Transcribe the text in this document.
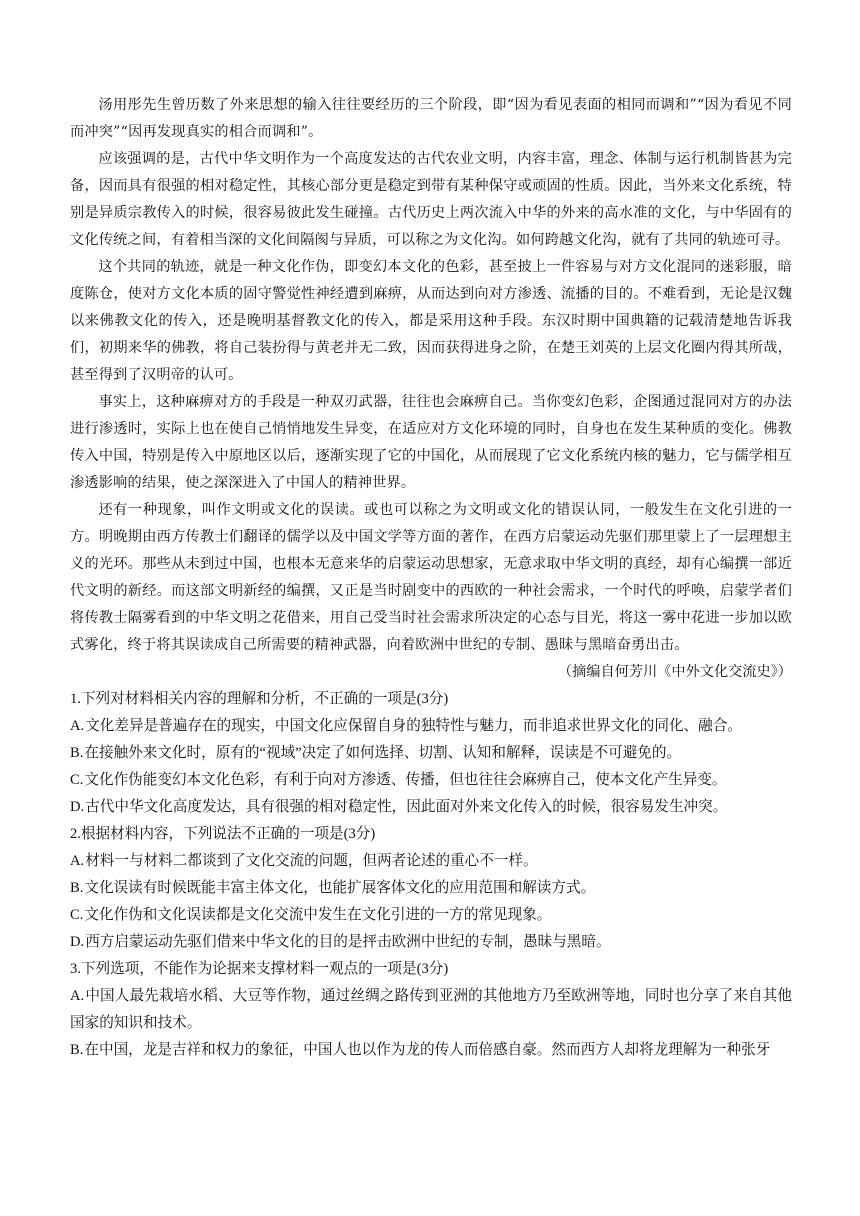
汤用彤先生曾历数了外来思想的输入往往要经历的三个阶段，即“因为看见表面的相同而调和”“因为看见不同而冲突”“因再发现真实的相合而调和”。

应该强调的是，古代中华文明作为一个高度发达的古代农业文明，内容丰富，理念、体制与运行机制皆甚为完备，因而具有很强的相对稳定性，其核心部分更是稳定到带有某种保守或顽固的性质。因此，当外来文化系统，特别是异质宗教传入的时候，很容易彼此发生碰撞。古代历史上两次流入中华的外来的高水准的文化，与中华固有的文化传统之间，有着相当深的文化间隔阂与异质，可以称之为文化沟。如何跨越文化沟，就有了共同的轨迹可寻。

这个共同的轨迹，就是一种文化作伪，即变幻本文化的色彩，甚至披上一件容易与对方文化混同的迷彩服，暗度陈仓，使对方文化本质的固守警觉性神经遭到麻痹，从而达到向对方渗透、流播的目的。不难看到，无论是汉魏以来佛教文化的传入，还是晚明基督教文化的传入，都是采用这种手段。东汉时期中国典籍的记载清楚地告诉我们，初期来华的佛教，将自己装扮得与黄老并无二致，因而获得进身之阶，在楚王刘英的上层文化圈内得其所哉，甚至得到了汉明帝的认可。

事实上，这种麻痹对方的手段是一种双刃武器，往往也会麻痹自己。当你变幻色彩，企图通过混同对方的办法进行渗透时，实际上也在使自己悄悄地发生异变，在适应对方文化环境的同时，自身也在发生某种质的变化。佛教传入中国，特别是传入中原地区以后，逐渐实现了它的中国化，从而展现了它文化系统内核的魅力，它与儒学相互渗透影响的结果，使之深深进入了中国人的精神世界。

还有一种现象，叫作文明或文化的误读。或也可以称之为文明或文化的错误认同，一般发生在文化引进的一方。明晚期由西方传教士们翻译的儒学以及中国文学等方面的著作，在西方启蒙运动先驱们那里蒙上了一层理想主义的光环。那些从未到过中国，也根本无意来华的启蒙运动思想家，无意求取中华文明的真经，却有心编撰一部近代文明的新经。而这部文明新经的编撰，又正是当时剧变中的西欧的一种社会需求，一个时代的呼唤，启蒙学者们将传教士隔雾看到的中华文明之花借来，用自己受当时社会需求所决定的心态与目光，将这一雾中花进一步加以欧式雾化，终于将其误读成自己所需要的精神武器，向着欧洲中世纪的专制、愚昧与黑暗奋勇出击。

（摘编自何芳川《中外文化交流史》）

1.下列对材料相关内容的理解和分析，不正确的一项是(3分)

A.文化差异是普遍存在的现实，中国文化应保留自身的独特性与魅力，而非追求世界文化的同化、融合。

B.在接触外来文化时，原有的“视域”决定了如何选择、切割、认知和解释，误读是不可避免的。

C.文化作伪能变幻本文化色彩，有利于向对方渗透、传播，但也往往会麻痹自己，使本文化产生异变。

D.古代中华文化高度发达，具有很强的相对稳定性，因此面对外来文化传入的时候，很容易发生冲突。

2.根据材料内容，下列说法不正确的一项是(3分)

A.材料一与材料二都谈到了文化交流的问题，但两者论述的重心不一样。

B.文化误读有时候既能丰富主体文化，也能扩展客体文化的应用范围和解读方式。

C.文化作伪和文化误读都是文化交流中发生在文化引进的一方的常见现象。

D.西方启蒙运动先驱们借来中华文化的目的是抨击欧洲中世纪的专制，愚昧与黑暗。

3.下列选项，不能作为论据来支撑材料一观点的一项是(3分)

A.中国人最先栽培水稻、大豆等作物，通过丝绸之路传到亚洲的其他地方乃至欧洲等地，同时也分享了来自其他国家的知识和技术。

B.在中国，龙是吉祥和权力的象征，中国人也以作为龙的传人而倍感自豪。然而西方人却将龙理解为一种张牙
